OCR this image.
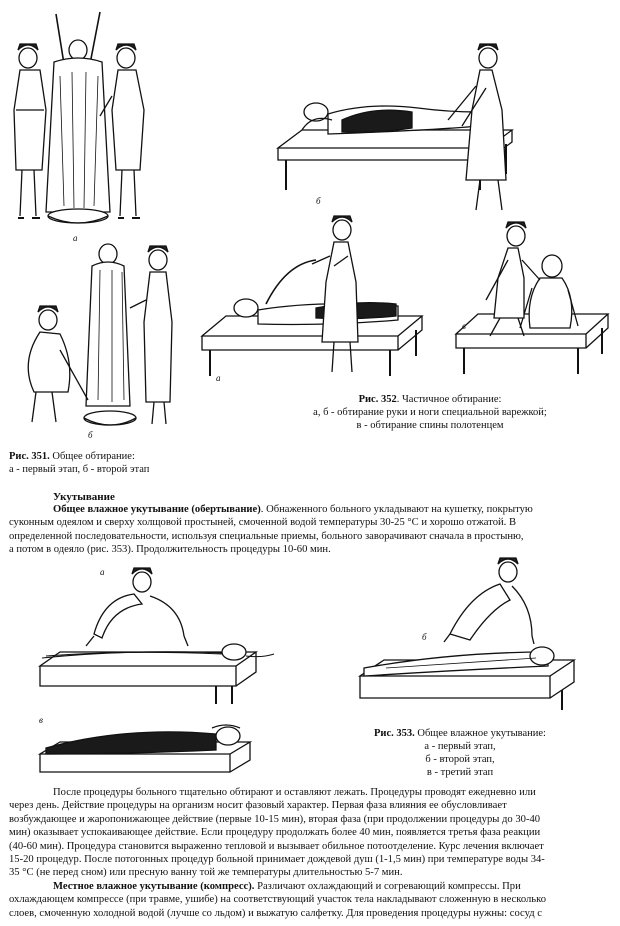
а
б
б
а
в
Рис. 352. Частичное обтирание:
а, б - обтирание руки и ноги специальной варежкой;
в - обтирание спины полотенцем
Рис. 351. Общее обтирание:
а - первый этап, б - второй этап
Укутывание
Общее влажное укутывание (обертывание). Обнаженного больного укладывают на кушетку, покрытую
суконным одеялом и сверху холщовой простыней, смоченной водой температуры 30-25 °С и хорошо отжатой. В
определенной последовательности, используя специальные приемы, больного заворачивают сначала в простыню,
а потом в одеяло (рис. 353). Продолжительность процедуры 10-60 мин.
а
б
в
Рис. 353. Общее влажное укутывание:
а - первый этап,
б - второй этап,
в - третий этап
После процедуры больного тщательно обтирают и оставляют лежать. Процедуры проводят ежедневно или
через день. Действие процедуры на организм носит фазовый характер. Первая фаза влияния ее обусловливает
возбуждающее и жаропонижающее действие (первые 10-15 мин), вторая фаза (при продолжении процедуры до 30-40
мин) оказывает успокаивающее действие. Если процедуру продолжать более 40 мин, появляется третья фаза реакции
(40-60 мин). Процедура становится выраженно тепловой и вызывает обильное потоотделение. Курс лечения включает
15-20 процедур. После потогонных процедур больной принимает дождевой душ (1-1,5 мин) при температуре воды 34-
35 °С (не перед сном) или пресную ванну той же температуры длительностью 5-7 мин.
Местное влажное укутывание (компресс). Различают охлаждающий и согревающий компрессы. При
охлаждающем компрессе (при травме, ушибе) на соответствующий участок тела накладывают сложенную в несколько
слоев, смоченную холодной водой (лучше со льдом) и выжатую салфетку. Для проведения процедуры нужны: сосуд с
